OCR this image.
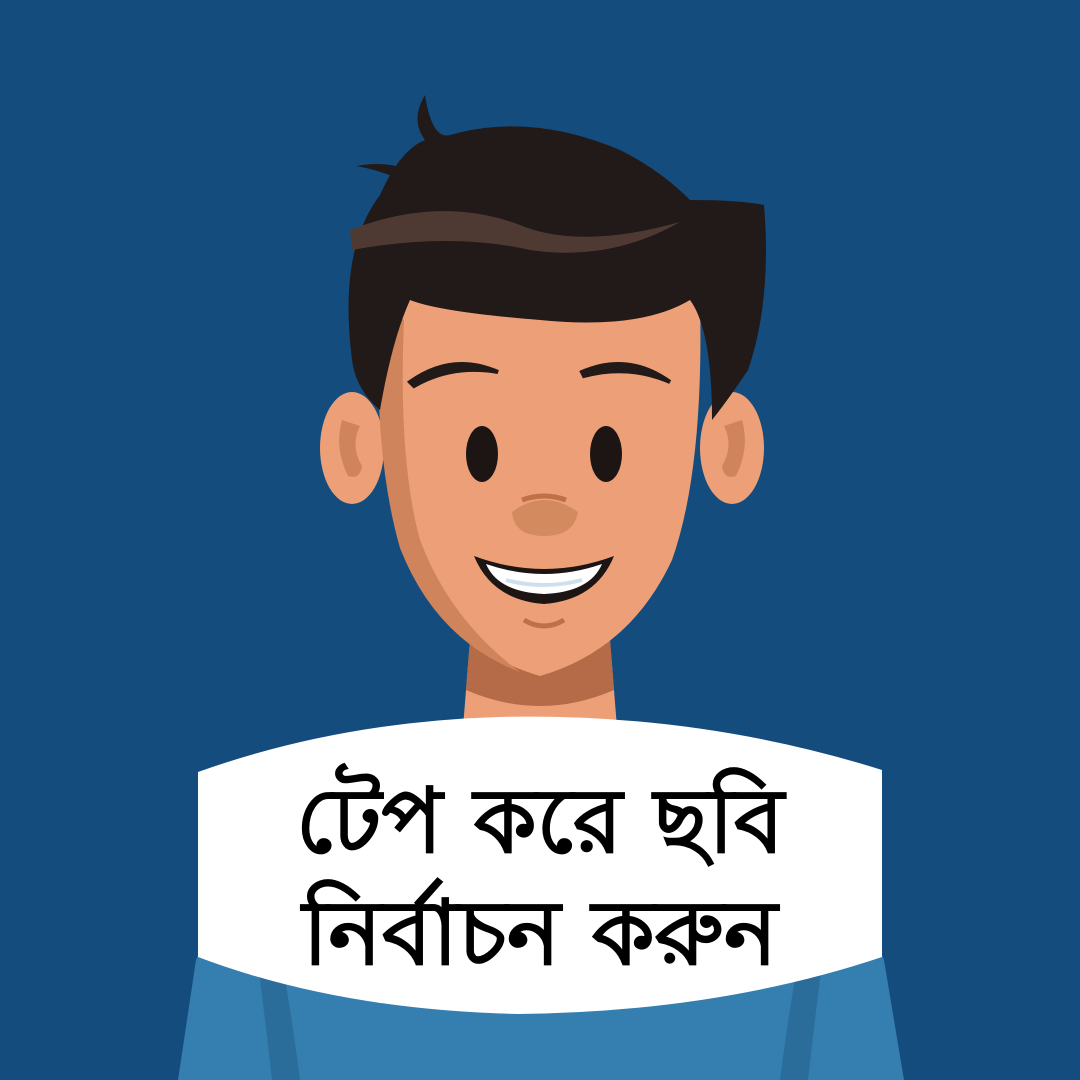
টেপ করে ছবি
নির্বাচন করুন
